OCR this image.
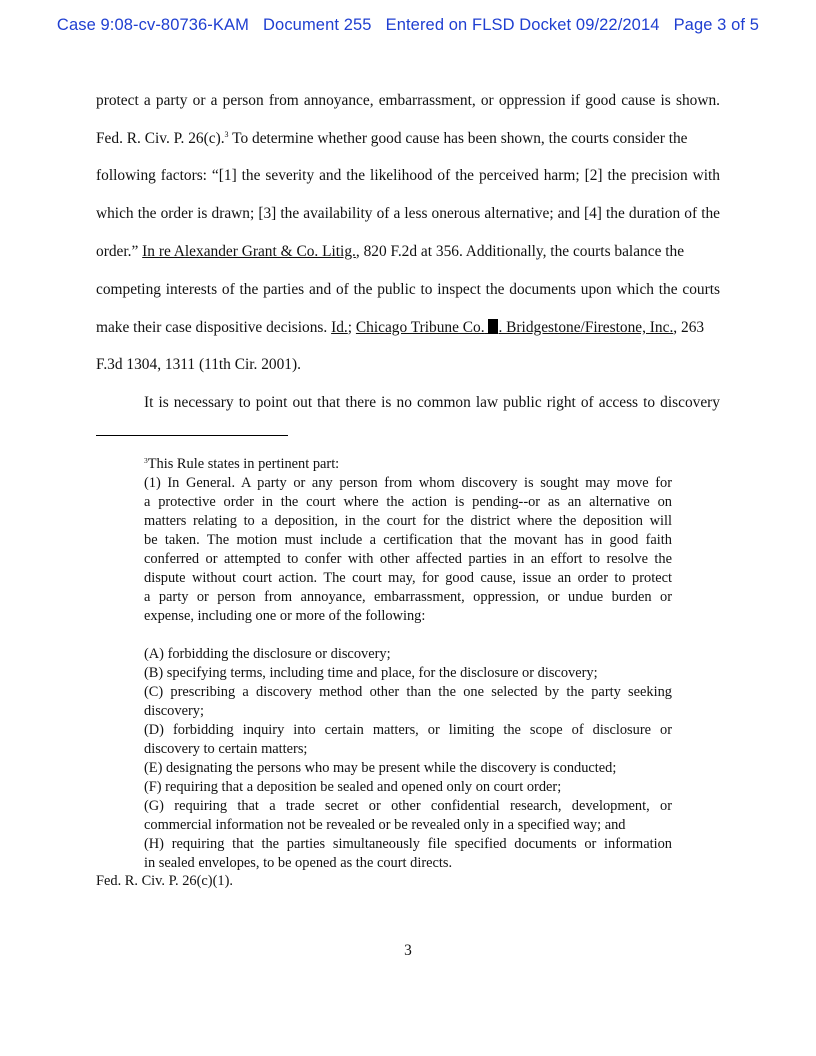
Case 9:08-cv-80736-KAM Document 255 Entered on FLSD Docket 09/22/2014 Page 3 of 5
protect a party or a person from annoyance, embarrassment, or oppression if good cause is shown.
Fed. R. Civ. P. 26(c).$^3$ To determine whether good cause has been shown, the courts consider the
following factors: “[1] the severity and the likelihood of the perceived harm; [2] the precision with
which the order is drawn; [3] the availability of a less onerous alternative; and [4] the duration of the
order.” In re Alexander Grant & Co. Litig., 820 F.2d at 356. Additionally, the courts balance the
competing interests of the parties and of the public to inspect the documents upon which the courts
make their case dispositive decisions. Id.; Chicago Tribune Co. . Bridgestone/Firestone, Inc., 263
F.3d 1304, 1311 (11th Cir. 2001).
It is necessary to point out that there is no common law public right of access to discovery
$^3$This Rule states in pertinent part:
(1) In General. A party or any person from whom discovery is sought may move for
a protective order in the court where the action is pending--or as an alternative on
matters relating to a deposition, in the court for the district where the deposition will
be taken. The motion must include a certification that the movant has in good faith
conferred or attempted to confer with other affected parties in an effort to resolve the
dispute without court action. The court may, for good cause, issue an order to protect
a party or person from annoyance, embarrassment, oppression, or undue burden or
expense, including one or more of the following:
(A) forbidding the disclosure or discovery;
(B) specifying terms, including time and place, for the disclosure or discovery;
(C) prescribing a discovery method other than the one selected by the party seeking
discovery;
(D) forbidding inquiry into certain matters, or limiting the scope of disclosure or
discovery to certain matters;
(E) designating the persons who may be present while the discovery is conducted;
(F) requiring that a deposition be sealed and opened only on court order;
(G) requiring that a trade secret or other confidential research, development, or
commercial information not be revealed or be revealed only in a specified way; and
(H) requiring that the parties simultaneously file specified documents or information
in sealed envelopes, to be opened as the court directs.
Fed. R. Civ. P. 26(c)(1).
3
